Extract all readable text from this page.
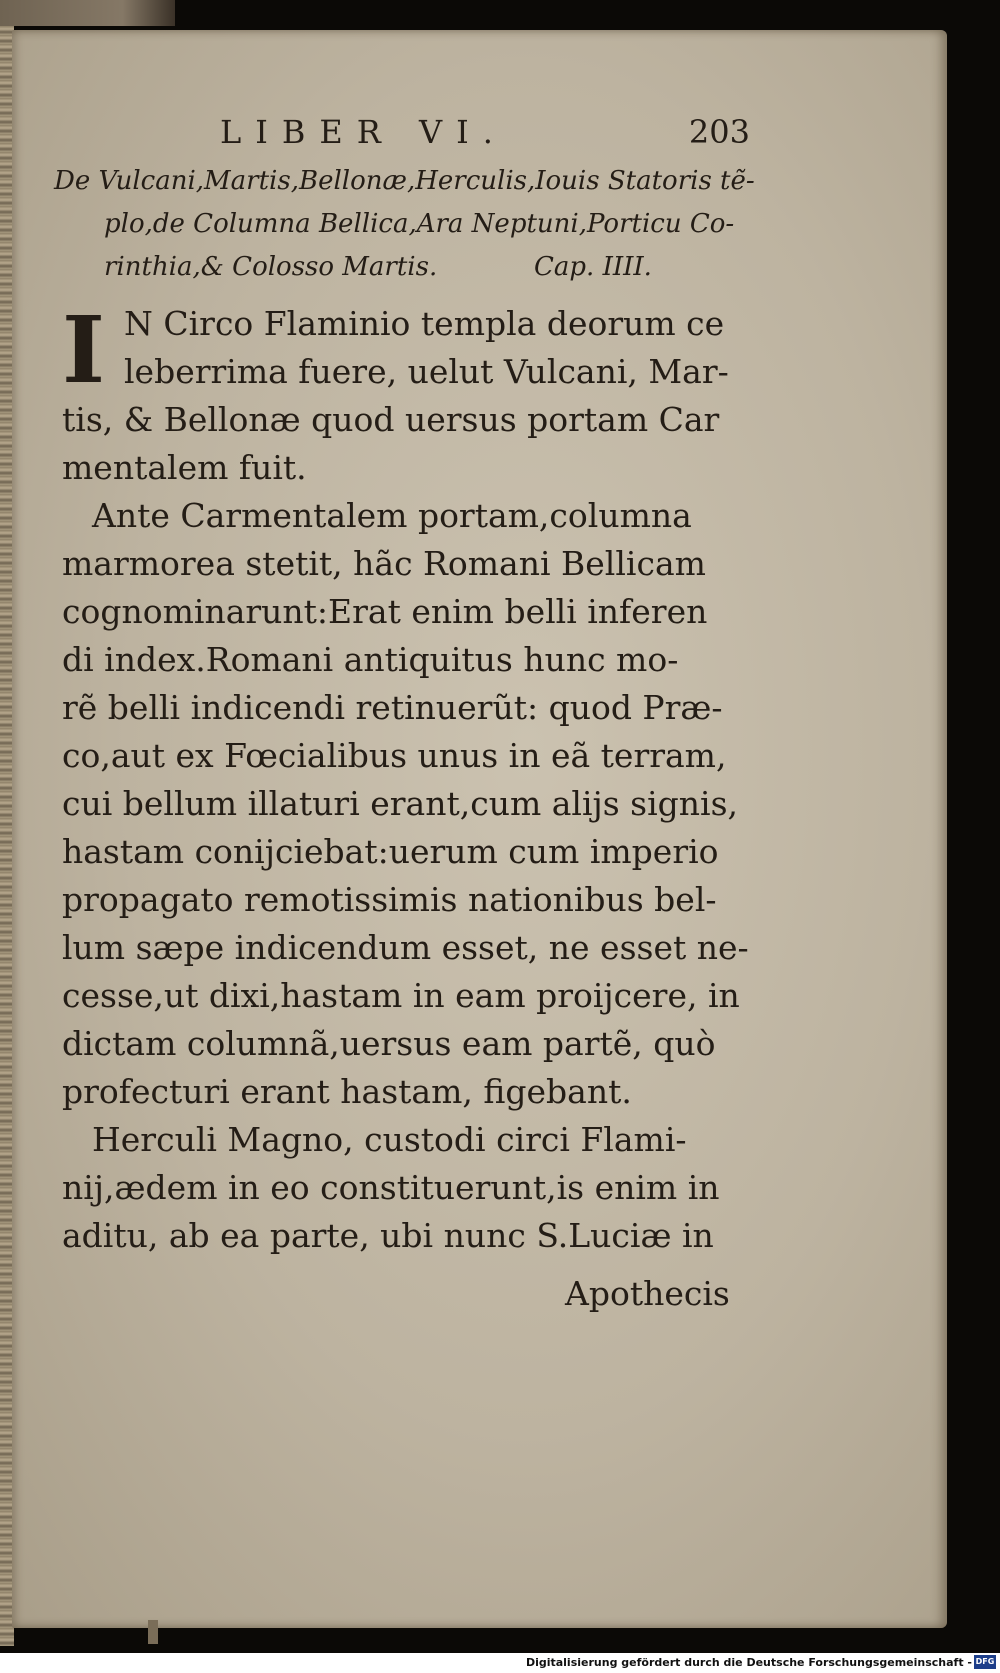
LIBER VI.	203
De Vulcani,Martis,Bellonæ,Herculis,Iouis Statoris tẽ-
plo,de Columna Bellica,Ara Neptuni,Porticu Co-
rinthia,& Colosso Martis.	Cap. IIII.
I N Circo Flaminio templa deorum ce
leberrima fuere, uelut Vulcani, Mar-
tis, & Bellonæ quod uersus portam Car
mentalem fuit.
Ante Carmentalem portam,columna
marmorea stetit, hãc Romani Bellicam
cognominarunt:Erat enim belli inferen
di index.Romani antiquitus hunc mo-
rẽ belli indicendi retinuerũt: quod Præ-
co,aut ex Fœcialibus unus in eã terram,
cui bellum illaturi erant,cum alijs signis,
hastam conijciebat:uerum cum imperio
propagato remotissimis nationibus bel-
lum sæpe indicendum esset, ne esset ne-
cesse,ut dixi,hastam in eam proijcere, in
dictam columnã,uersus eam partẽ, quò
profecturi erant hastam, figebant.
Herculi Magno, custodi circi Flami-
nij,ædem in eo constituerunt,is enim in
aditu, ab ea parte, ubi nunc S.Luciæ in
Apothecis
Digitalisierung gefördert durch die Deutsche Forschungsgemeinschaft - DFG
